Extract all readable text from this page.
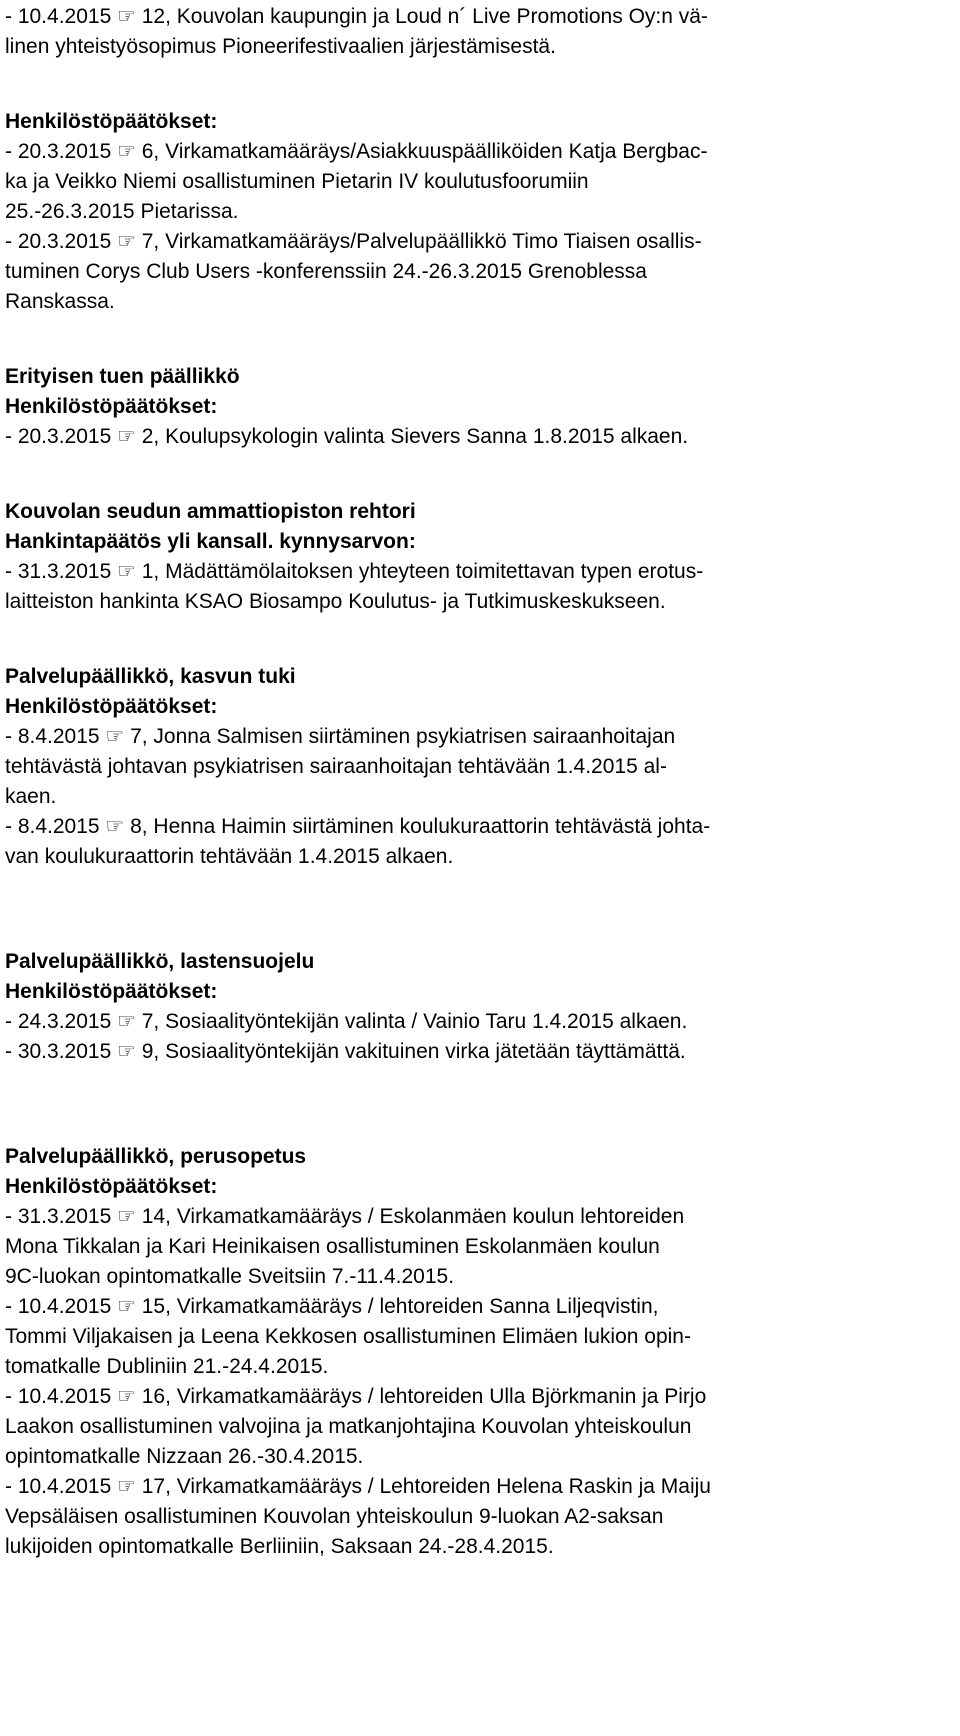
- 10.4.2015 ☞ 12, Kouvolan kaupungin ja Loud n´ Live Promotions Oy:n vä-
linen yhteistyösopimus Pioneerifestivaalien järjestämisestä.
Henkilöstöpäätökset:
- 20.3.2015 ☞ 6, Virkamatkamääräys/Asiakkuuspäälliköiden Katja Bergbac-
ka ja Veikko Niemi osallistuminen Pietarin IV koulutusfoorumiin
25.-26.3.2015 Pietarissa.
- 20.3.2015 ☞ 7, Virkamatkamääräys/Palvelupäällikkö Timo Tiaisen osallis-
tuminen Corys Club Users -konferenssiin 24.-26.3.2015 Grenoblessa
Ranskassa.
Erityisen tuen päällikkö
Henkilöstöpäätökset:
- 20.3.2015 ☞ 2, Koulupsykologin valinta Sievers Sanna 1.8.2015 alkaen.
Kouvolan seudun ammattiopiston rehtori
Hankintapäätös yli kansall. kynnysarvon:
- 31.3.2015 ☞ 1, Mädättämölaitoksen yhteyteen toimitettavan typen erotus-
laitteiston hankinta KSAO Biosampo Koulutus- ja Tutkimuskeskukseen.
Palvelupäällikkö, kasvun tuki
Henkilöstöpäätökset:
- 8.4.2015 ☞ 7, Jonna Salmisen siirtäminen psykiatrisen sairaanhoitajan
tehtävästä johtavan psykiatrisen sairaanhoitajan tehtävään 1.4.2015 al-
kaen.
- 8.4.2015 ☞ 8, Henna Haimin siirtäminen koulukuraattorin tehtävästä johta-
van koulukuraattorin tehtävään 1.4.2015 alkaen.
Palvelupäällikkö, lastensuojelu
Henkilöstöpäätökset:
- 24.3.2015 ☞ 7, Sosiaalityöntekijän valinta / Vainio Taru 1.4.2015 alkaen.
- 30.3.2015 ☞ 9, Sosiaalityöntekijän vakituinen virka jätetään täyttämättä.
Palvelupäällikkö, perusopetus
Henkilöstöpäätökset:
- 31.3.2015 ☞ 14, Virkamatkamääräys / Eskolanmäen koulun lehtoreiden
Mona Tikkalan ja Kari Heinikaisen osallistuminen Eskolanmäen koulun
9C-luokan opintomatkalle Sveitsiin 7.-11.4.2015.
- 10.4.2015 ☞ 15, Virkamatkamääräys / lehtoreiden Sanna Liljeqvistin,
Tommi Viljakaisen ja Leena Kekkosen osallistuminen Elimäen lukion opin-
tomatkalle Dubliniin 21.-24.4.2015.
- 10.4.2015 ☞ 16, Virkamatkamääräys / lehtoreiden Ulla Björkmanin ja Pirjo
Laakon osallistuminen valvojina ja matkanjohtajina Kouvolan yhteiskoulun
opintomatkalle Nizzaan 26.-30.4.2015.
- 10.4.2015 ☞ 17, Virkamatkamääräys / Lehtoreiden Helena Raskin ja Maiju
Vepsäläisen osallistuminen Kouvolan yhteiskoulun 9-luokan A2-saksan
lukijoiden opintomatkalle Berliiniin, Saksaan 24.-28.4.2015.
